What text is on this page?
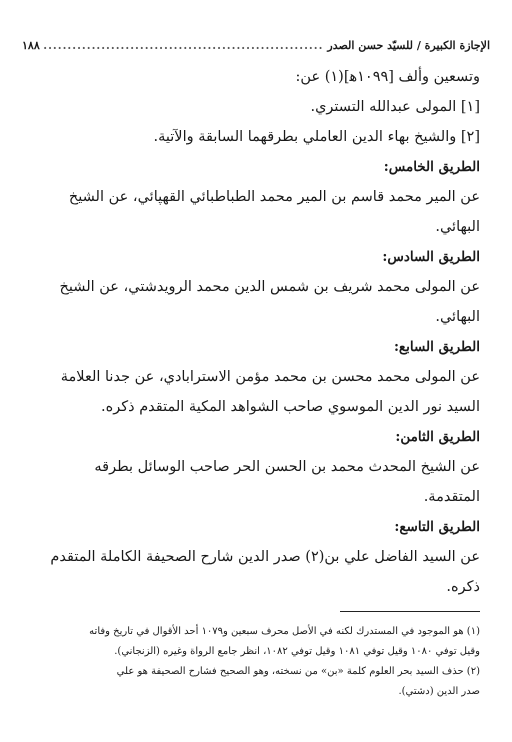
الإجازة الكبيرة / للسيّد حسن الصدر
.....
١٨٨

وتسعين وألف [١٠٩٩ﻫ](١) عن:

[١] المولى عبدالله التستري.

[٢] والشيخ بهاء الدين العاملي بطرقهما السابقة والآتية.

الطريق الخامس:

عن المير محمد قاسم بن المير محمد الطباطبائي القهپائي، عن الشيخ

البهائي.

الطريق السادس:

عن المولى محمد شريف بن شمس الدين محمد الرويدشتي، عن الشيخ

البهائي.

الطريق السابع:

عن المولى محمد محسن بن محمد مؤمن الاسترابادي، عن جدنا العلامة

السيد نور الدين الموسوي صاحب الشواهد المكية المتقدم ذكره.

الطريق الثامن:

عن الشيخ المحدث محمد بن الحسن الحر صاحب الوسائل بطرقه

المتقدمة.

الطريق التاسع:

عن السيد الفاضل علي بن(٢) صدر الدين شارح الصحيفة الكاملة المتقدم

ذكره.

(١) هو الموجود في المستدرك لكنه في الأصل محرف سبعين و١٠٧٩ أحد الأقوال في تاريخ وفاته

وقيل توفي ١٠٨٠ وقيل توفي ١٠٨١ وقيل توفي ١٠٨٢، انظر جامع الرواة وغيره (الزنجاني).

(٢) حذف السيد بحر العلوم كلمة «بن» من نسخته، وهو الصحيح فشارح الصحيفة هو علي

صدر الدين (دشتي).
